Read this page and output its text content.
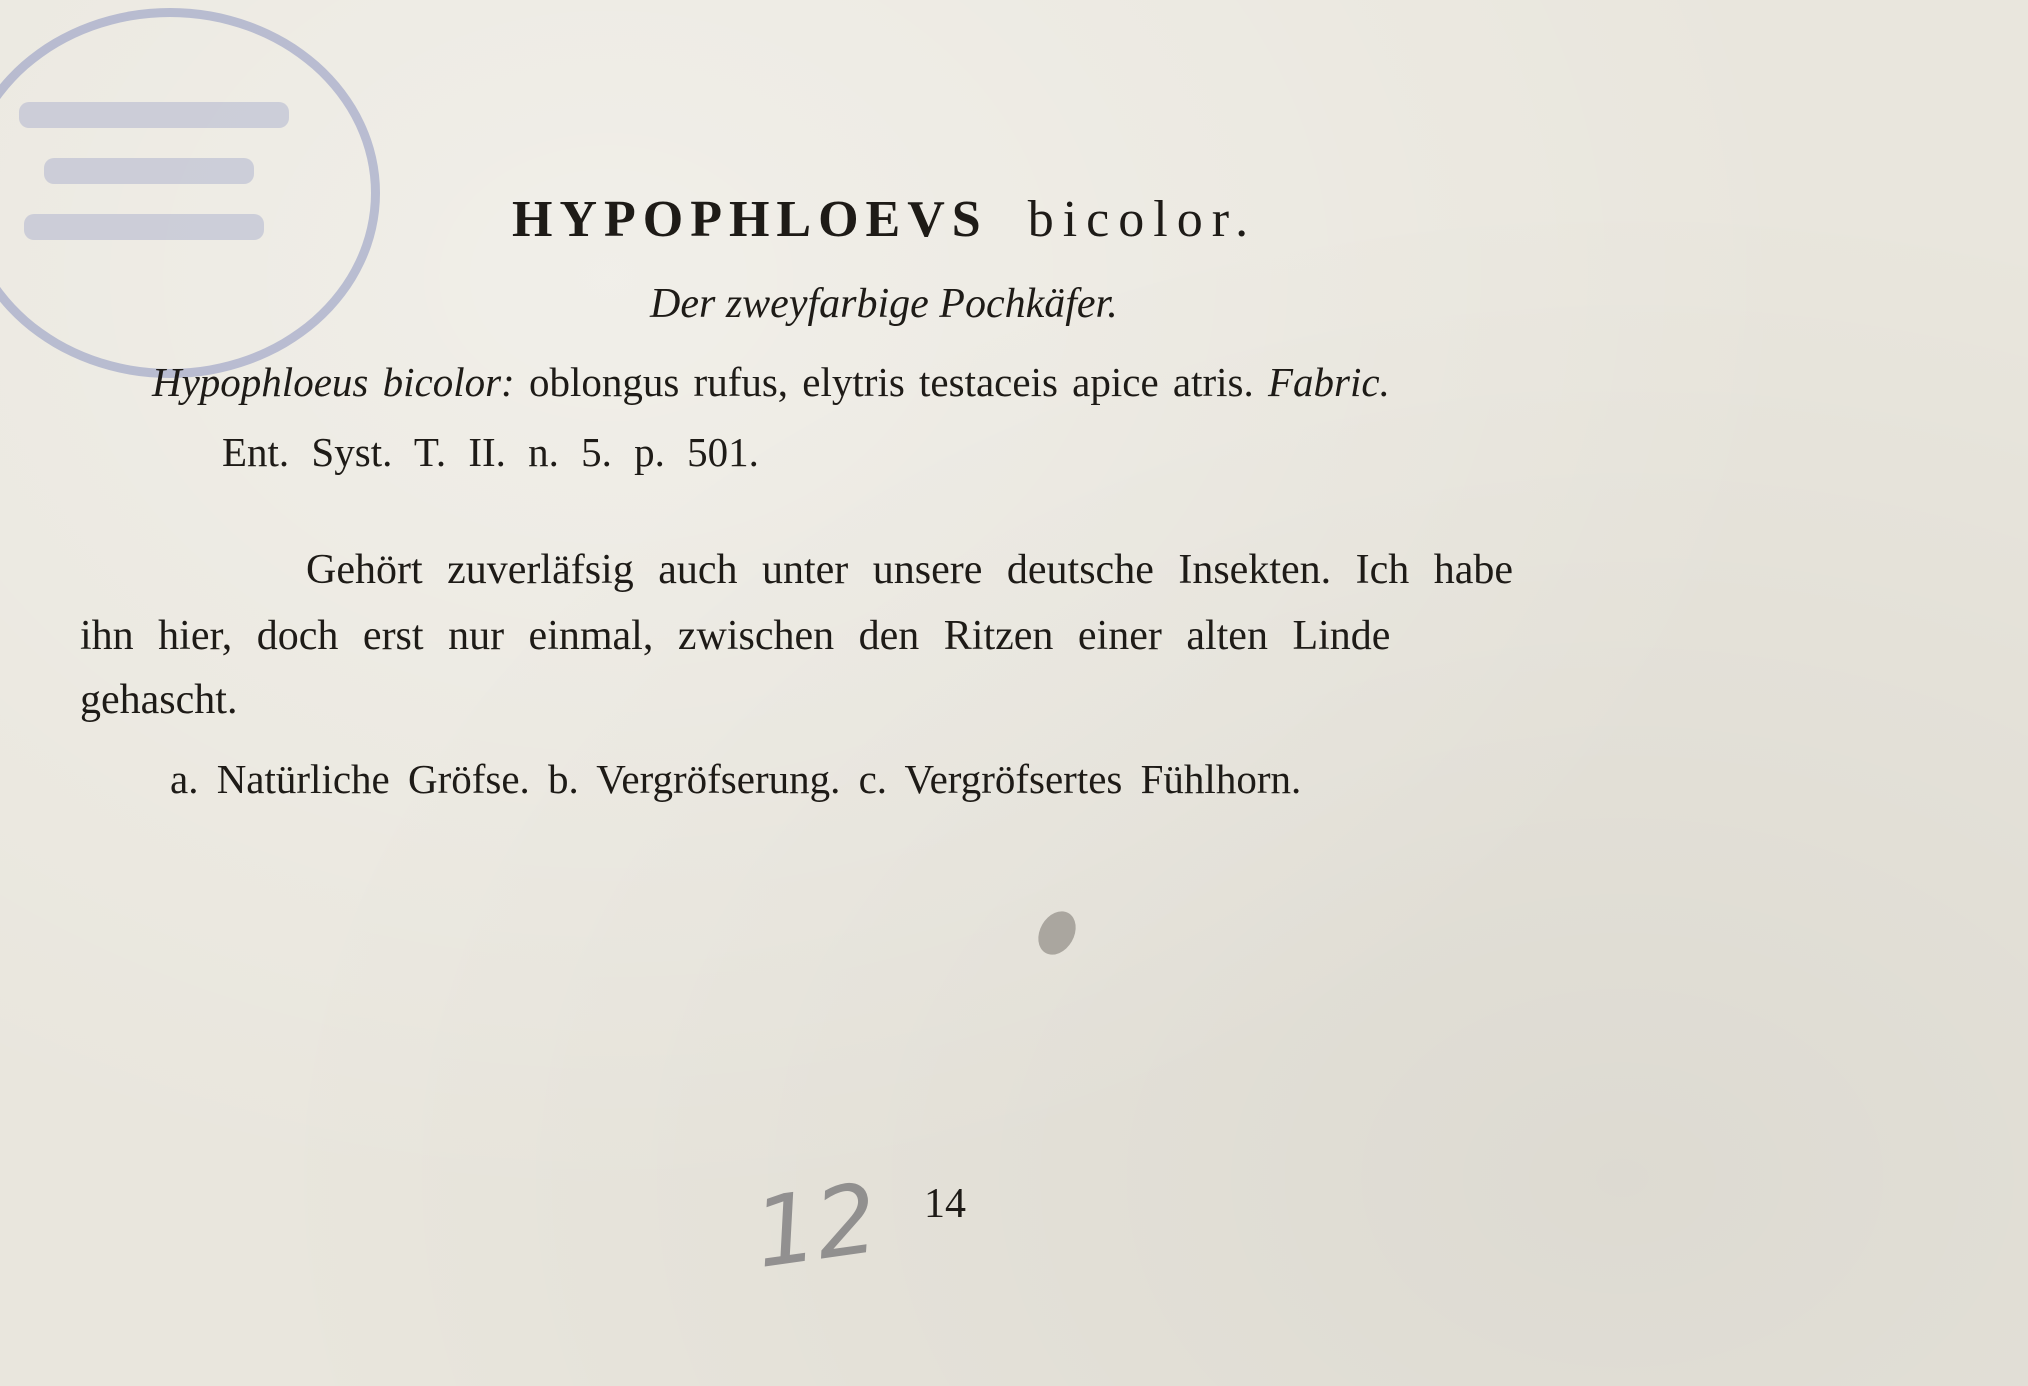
HYPOPHLOEVS bicolor.
Der zweyfarbige Pochkäfer.
Hypophloeus bicolor: oblongus rufus, elytris testaceis apice atris. Fabric.
Ent. Syst. T. II. n. 5. p. 501.
Gehört zuverläfsig auch unter unsere deutsche Insekten. Ich habe
ihn hier, doch erst nur einmal, zwischen den Ritzen einer alten Linde
gehascht.
a. Natürliche Gröfse. b. Vergröfserung. c. Vergröfsertes Fühlhorn.
12 14
